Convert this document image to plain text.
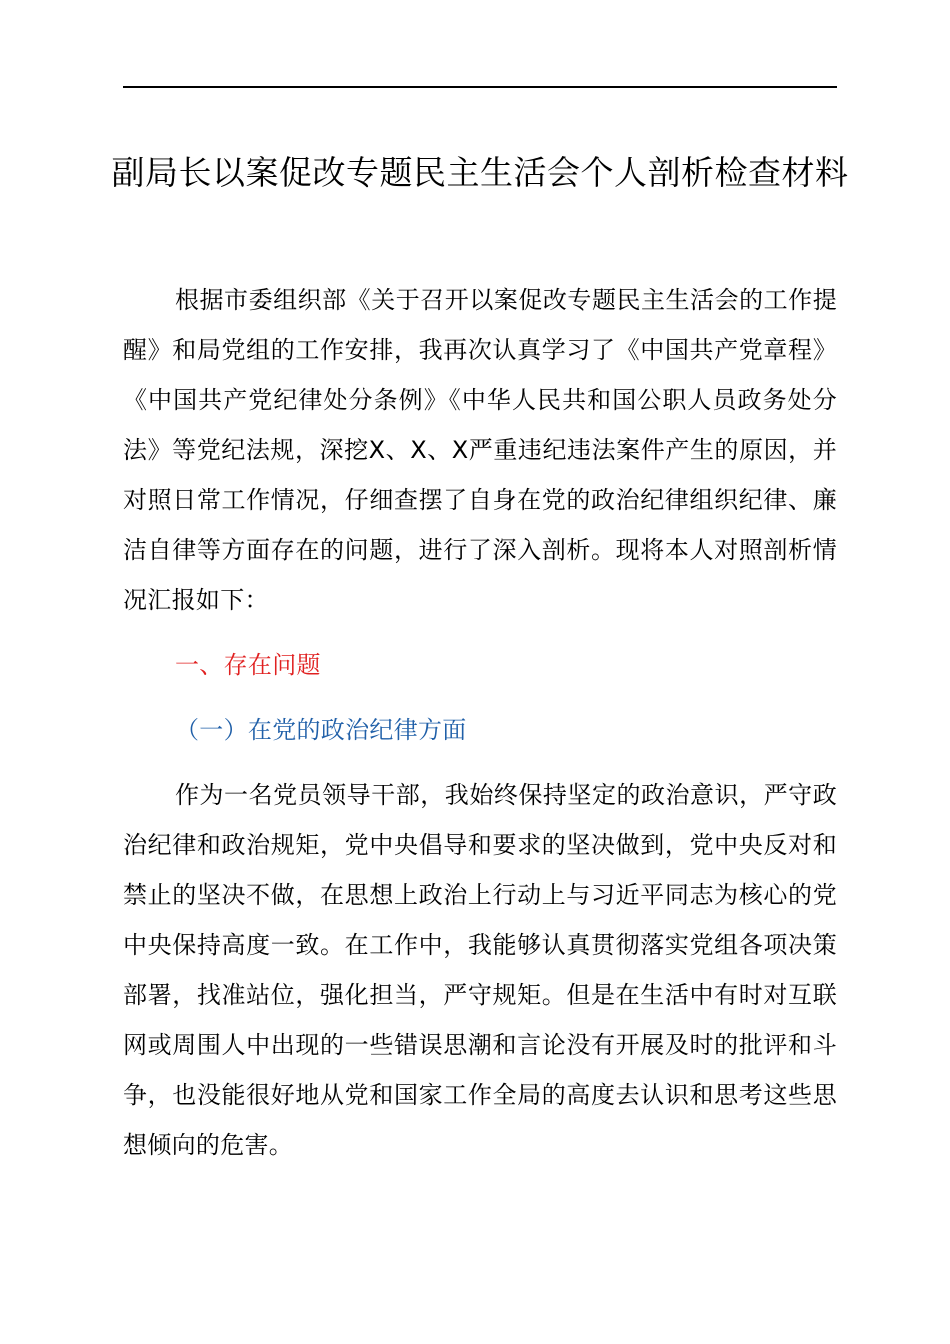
副局长以案促改专题民主生活会个人剖析检查材料

根据市委组织部《关于召开以案促改专题民主生活会的工作提醒》和局党组的工作安排，我再次认真学习了《中国共产党章程》《中国共产党纪律处分条例》《中华人民共和国公职人员政务处分法》等党纪法规，深挖X、X、X严重违纪违法案件产生的原因，并对照日常工作情况，仔细查摆了自身在党的政治纪律组织纪律、廉洁自律等方面存在的问题，进行了深入剖析。现将本人对照剖析情况汇报如下：

一、存在问题
（一）在党的政治纪律方面

作为一名党员领导干部，我始终保持坚定的政治意识，严守政治纪律和政治规矩，党中央倡导和要求的坚决做到，党中央反对和禁止的坚决不做，在思想上政治上行动上与习近平同志为核心的党中央保持高度一致。在工作中，我能够认真贯彻落实党组各项决策部署，找准站位，强化担当，严守规矩。但是在生活中有时对互联网或周围人中出现的一些错误思潮和言论没有开展及时的批评和斗争，也没能很好地从党和国家工作全局的高度去认识和思考这些思想倾向的危害。
